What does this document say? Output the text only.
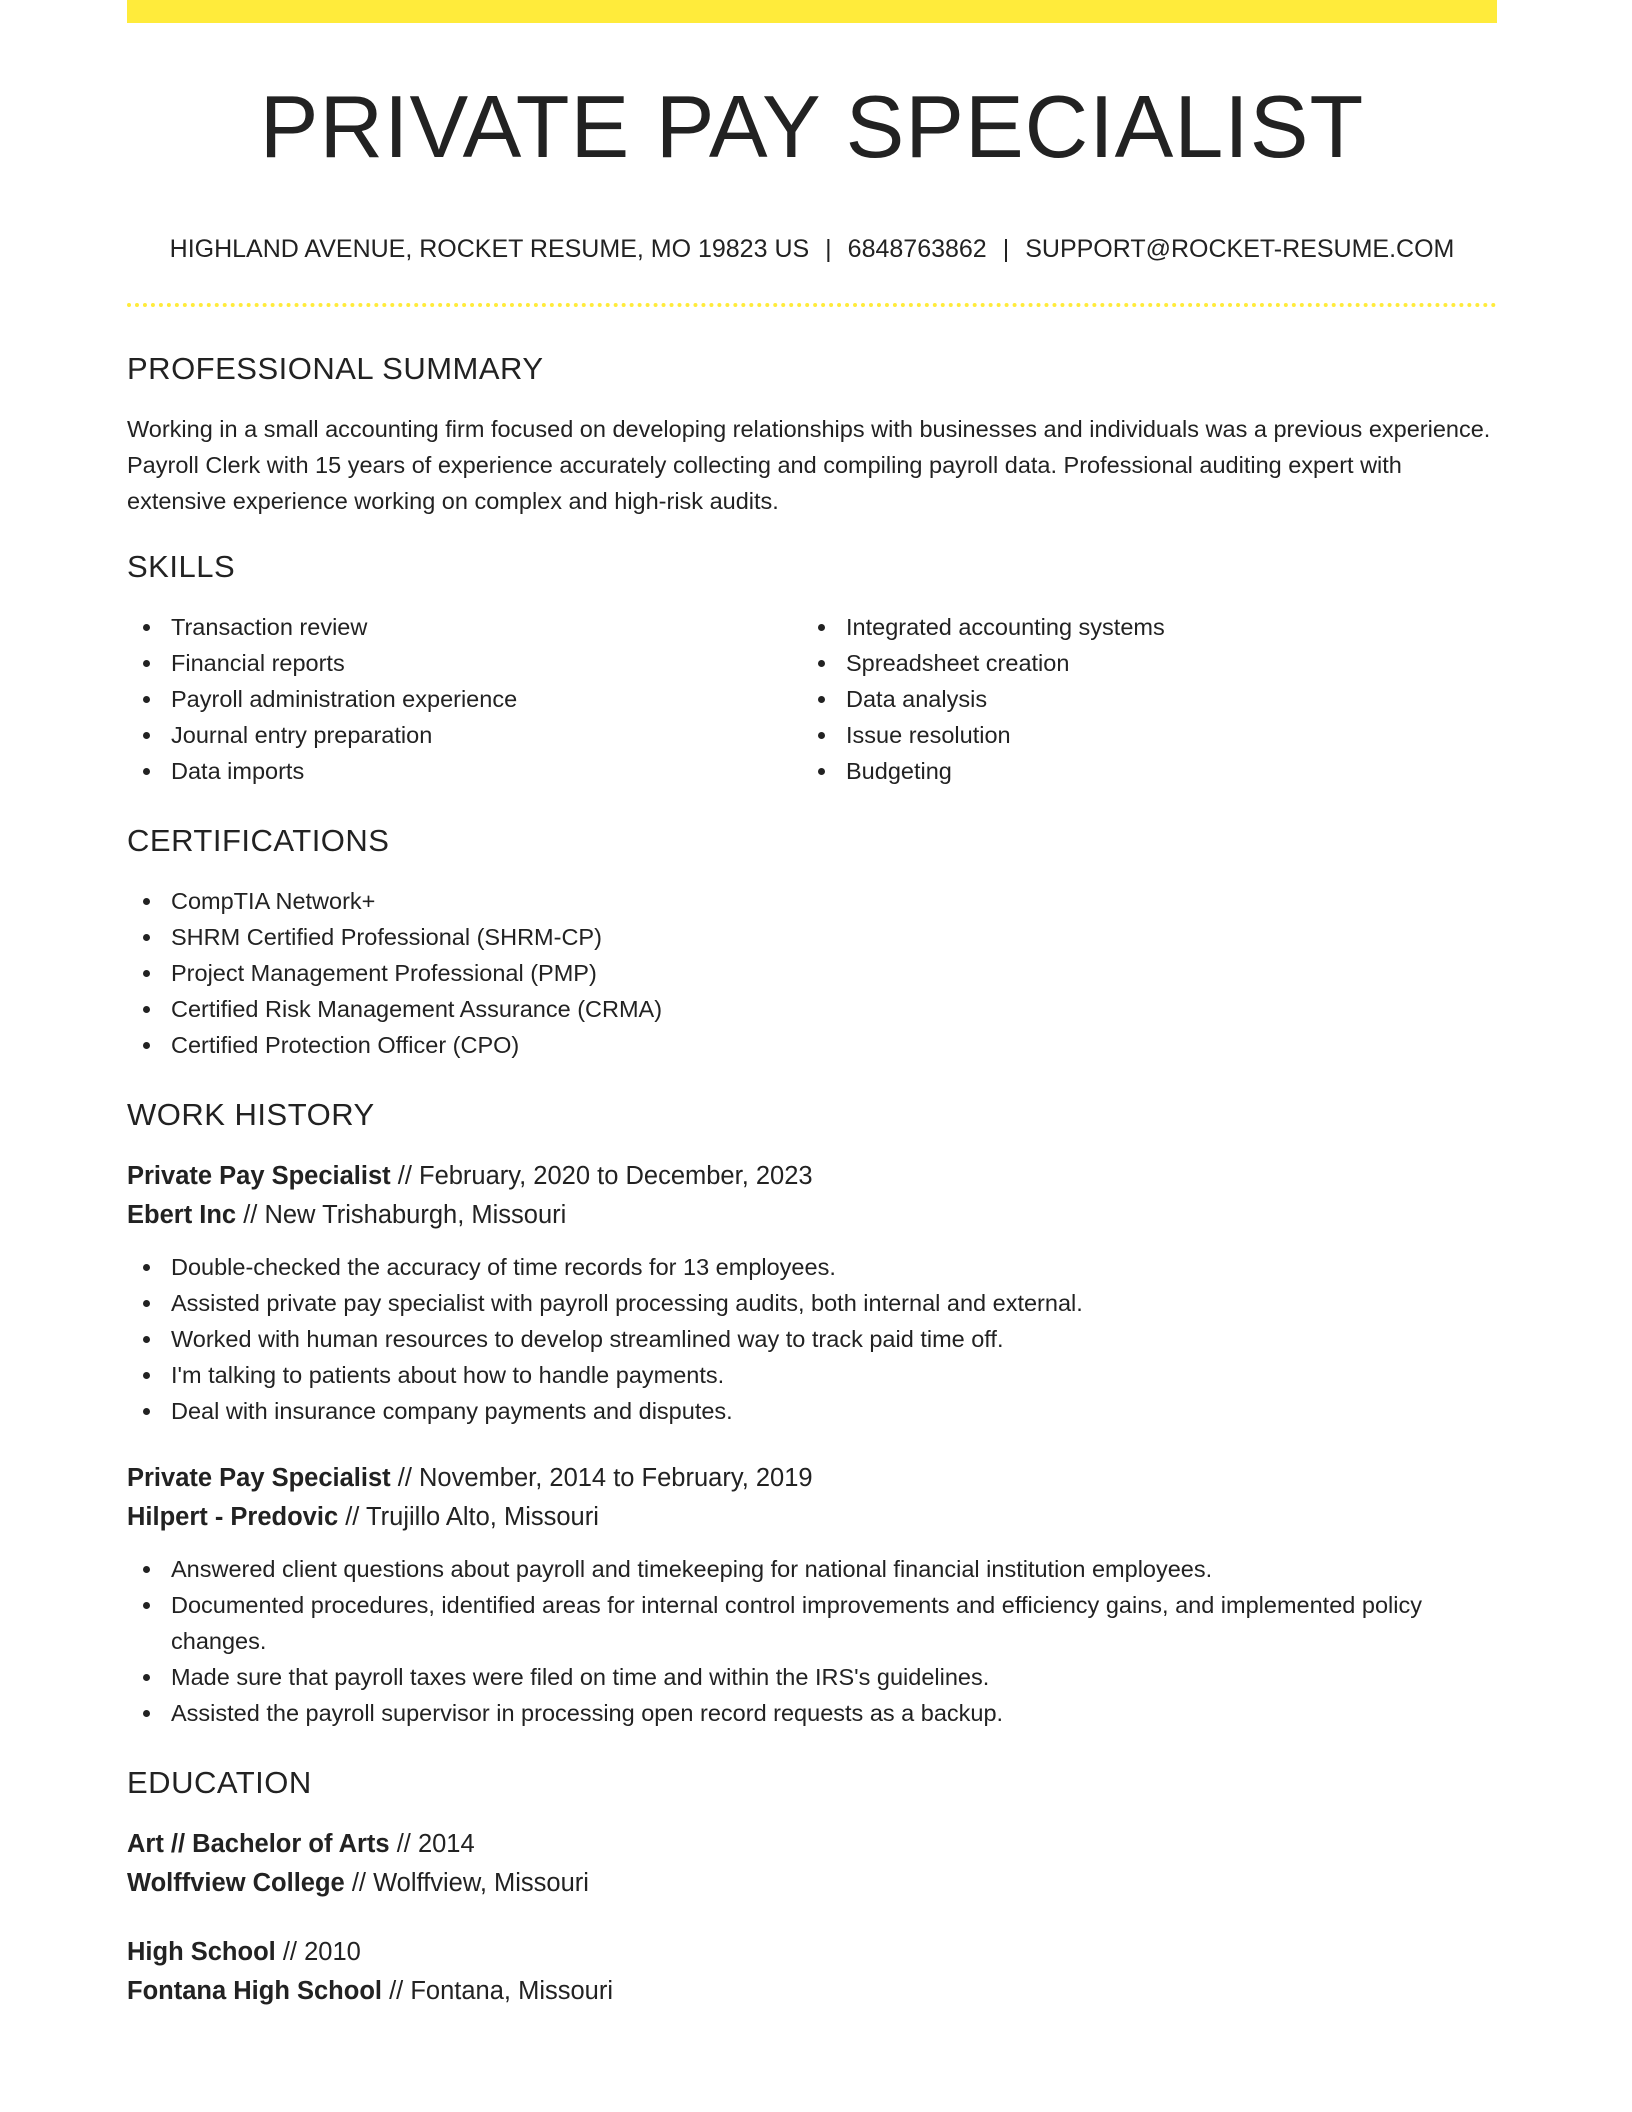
PRIVATE PAY SPECIALIST
HIGHLAND AVENUE, ROCKET RESUME, MO 19823 US | 6848763862 | SUPPORT@ROCKET-RESUME.COM
PROFESSIONAL SUMMARY

Working in a small accounting firm focused on developing relationships with businesses and individuals was a previous experience. Payroll Clerk with 15 years of experience accurately collecting and compiling payroll data. Professional auditing expert with extensive experience working on complex and high-risk audits.

SKILLS
Transaction review
Financial reports
Payroll administration experience
Journal entry preparation
Data imports
Integrated accounting systems
Spreadsheet creation
Data analysis
Issue resolution
Budgeting
CERTIFICATIONS
CompTIA Network+
SHRM Certified Professional (SHRM-CP)
Project Management Professional (PMP)
Certified Risk Management Assurance (CRMA)
Certified Protection Officer (CPO)
WORK HISTORY
Private Pay Specialist // February, 2020 to December, 2023
Ebert Inc // New Trishaburgh, Missouri
Double-checked the accuracy of time records for 13 employees.
Assisted private pay specialist with payroll processing audits, both internal and external.
Worked with human resources to develop streamlined way to track paid time off.
I'm talking to patients about how to handle payments.
Deal with insurance company payments and disputes.
Private Pay Specialist // November, 2014 to February, 2019
Hilpert - Predovic // Trujillo Alto, Missouri
Answered client questions about payroll and timekeeping for national financial institution employees.
Documented procedures, identified areas for internal control improvements and efficiency gains, and implemented policy changes.
Made sure that payroll taxes were filed on time and within the IRS's guidelines.
Assisted the payroll supervisor in processing open record requests as a backup.
EDUCATION
Art // Bachelor of Arts // 2014
Wolffview College // Wolffview, Missouri
High School // 2010
Fontana High School // Fontana, Missouri
